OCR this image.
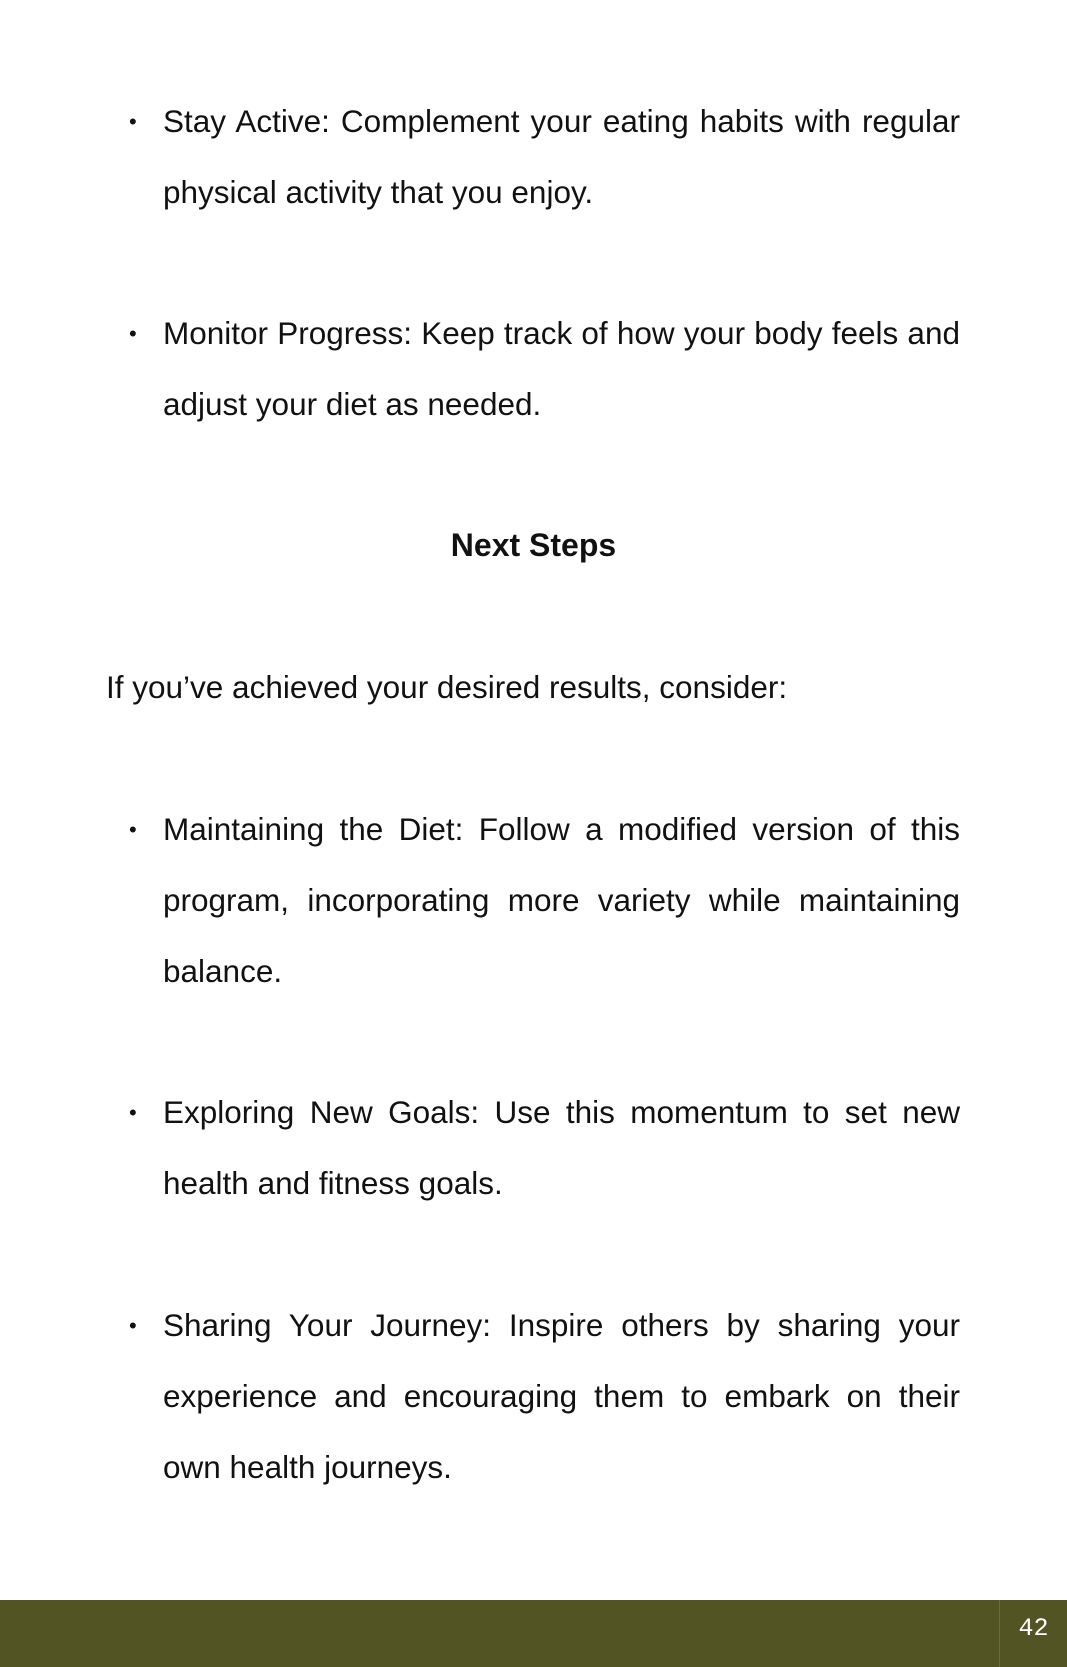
• Stay Active: Complement your eating habits with regular physical activity that you enjoy.
• Monitor Progress: Keep track of how your body feels and adjust your diet as needed.
Next Steps

If you’ve achieved your desired results, consider:

• Maintaining the Diet: Follow a modified version of this program, incorporating more variety while maintaining balance.
• Exploring New Goals: Use this momentum to set new health and fitness goals.
• Sharing Your Journey: Inspire others by sharing your experience and encouraging them to embark on their own health journeys.
42
